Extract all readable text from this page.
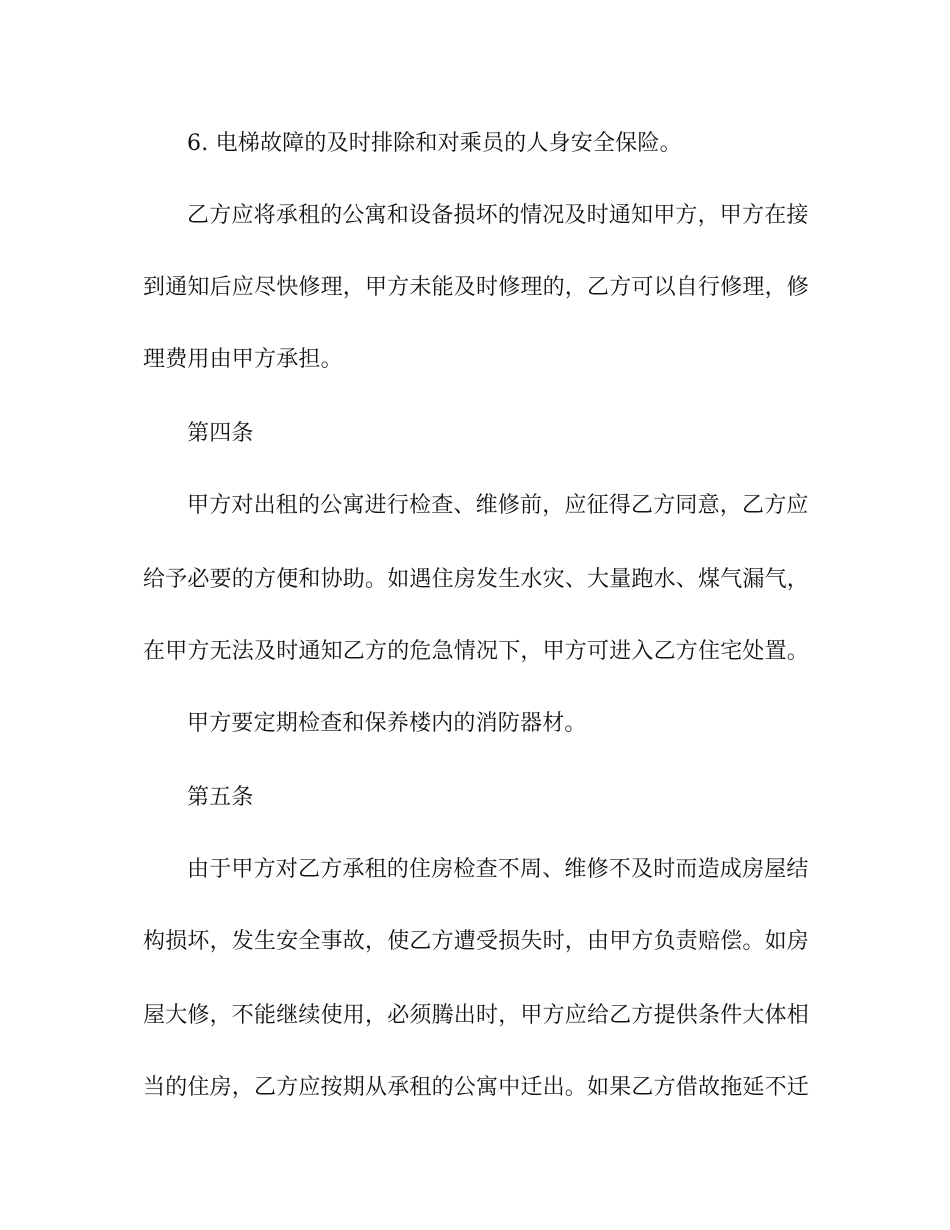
6. 电梯故障的及时排除和对乘员的人身安全保险。
乙方应将承租的公寓和设备损坏的情况及时通知甲方，甲方在接
到通知后应尽快修理，甲方未能及时修理的，乙方可以自行修理，修
理费用由甲方承担。
第四条
甲方对出租的公寓进行检查、维修前，应征得乙方同意，乙方应
给予必要的方便和协助。如遇住房发生水灾、大量跑水、煤气漏气，
在甲方无法及时通知乙方的危急情况下，甲方可进入乙方住宅处置。
甲方要定期检查和保养楼内的消防器材。
第五条
由于甲方对乙方承租的住房检查不周、维修不及时而造成房屋结
构损坏，发生安全事故，使乙方遭受损失时，由甲方负责赔偿。如房
屋大修，不能继续使用，必须腾出时，甲方应给乙方提供条件大体相
当的住房，乙方应按期从承租的公寓中迁出。如果乙方借故拖延不迁
